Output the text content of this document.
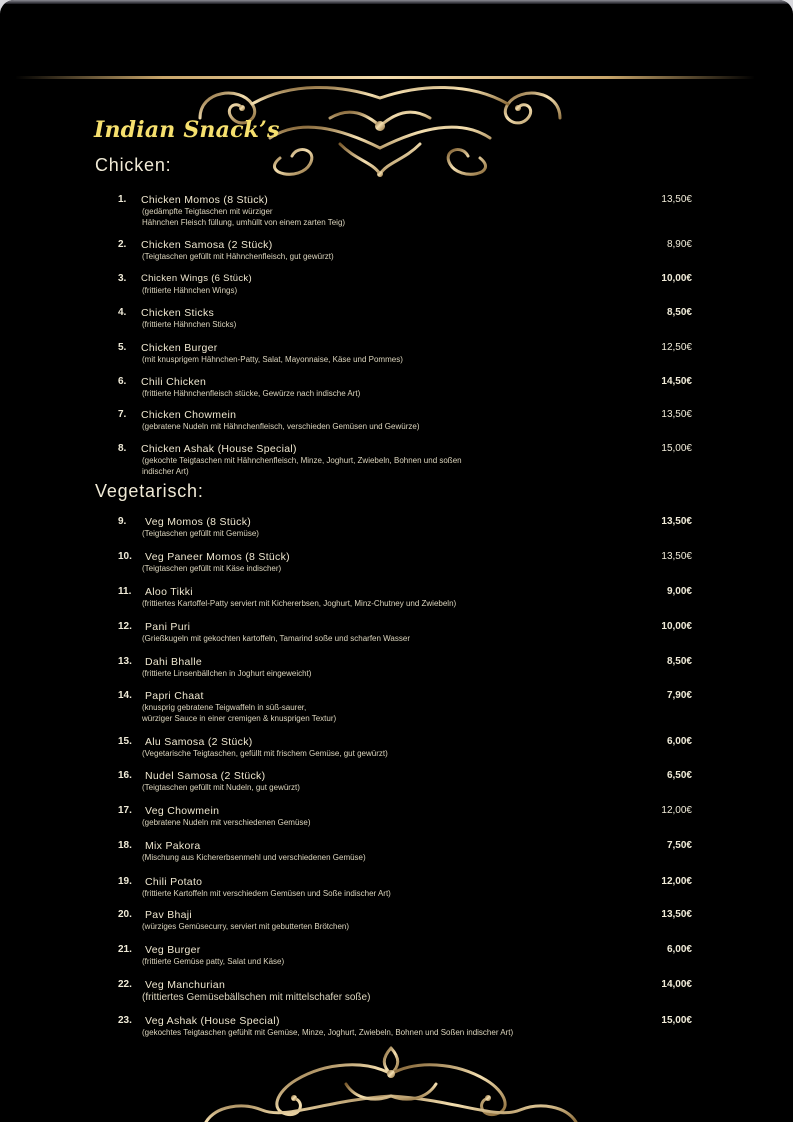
Indian Snack’s
Chicken:
1. Chicken Momos (8 Stück)
(gedämpfte Teigtaschen mit würziger
Hähnchen Fleisch füllung, umhüllt von einem zarten Teig)
13,50€
2. Chicken Samosa (2 Stück)
(Teigtaschen gefüllt mit Hähnchenfleisch, gut gewürzt)
8,90€
3. Chicken Wings (6 Stück)
(frittierte Hähnchen Wings)
10,00€
4. Chicken Sticks
(frittierte Hähnchen Sticks)
8,50€
5. Chicken Burger
(mit knusprigem Hähnchen-Patty, Salat, Mayonnaise, Käse und Pommes)
12,50€
6. Chili Chicken
(frittierte Hähnchenfleisch stücke, Gewürze nach indische Art)
14,50€
7. Chicken Chowmein
(gebratene Nudeln mit Hähnchenfleisch, verschieden Gemüsen und Gewürze)
13,50€
8. Chicken Ashak (House Special)
(gekochte Teigtaschen mit Hähnchenfleisch, Minze, Joghurt, Zwiebeln, Bohnen und soßen
indischer Art)
15,00€
Vegetarisch:
9. Veg Momos (8 Stück)
(Teigtaschen gefüllt mit Gemüse)
13,50€
10. Veg Paneer Momos (8 Stück)
(Teigtaschen gefüllt mit Käse indischer)
13,50€
11. Aloo Tikki
(frittiertes Kartoffel-Patty serviert mit Kichererbsen, Joghurt, Minz-Chutney und Zwiebeln)
9,00€
12. Pani Puri
(Grießkugeln mit gekochten kartoffeln, Tamarind soße und scharfen Wasser
10,00€
13. Dahi Bhalle
(frittierte Linsenbällchen in Joghurt eingeweicht)
8,50€
14. Papri Chaat
(knusprig gebratene Teigwaffeln in süß-saurer,
würziger Sauce in einer cremigen & knusprigen Textur)
7,90€
15. Alu Samosa (2 Stück)
(Vegetarische Teigtaschen, gefüllt mit frischem Gemüse, gut gewürzt)
6,00€
16. Nudel Samosa (2 Stück)
(Teigtaschen gefüllt mit Nudeln, gut gewürzt)
6,50€
17. Veg Chowmein
(gebratene Nudeln mit verschiedenen Gemüse)
12,00€
18. Mix Pakora
(Mischung aus Kichererbsenmehl und verschiedenen Gemüse)
7,50€
19. Chili Potato
(frittierte Kartoffeln mit verschiedem Gemüsen und Soße indischer Art)
12,00€
20. Pav Bhaji
(würziges Gemüsecurry, serviert mit gebutterten Brötchen)
13,50€
21. Veg Burger
(frittierte Gemüse patty, Salat und Käse)
6,00€
22. Veg Manchurian
(frittiertes Gemüsebällschen mit mittelschafer soße)
14,00€
23. Veg Ashak (House Special)
(gekochtes Teigtaschen gefühlt mit Gemüse, Minze, Joghurt, Zwiebeln, Bohnen und Soßen indischer Art)
15,00€
